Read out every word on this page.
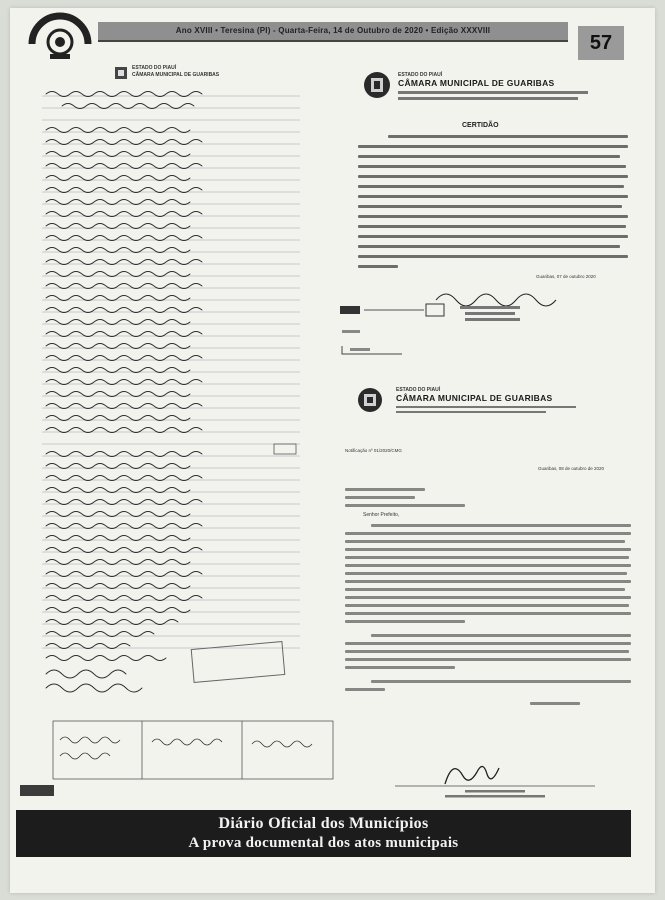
Ano XVIII • Teresina (PI) - Quarta-Feira, 14 de Outubro de 2020 • Edição XXXVIII
57
ESTADO DO PIAUÍ
CÂMARA MUNICIPAL DE GUARIBAS	ESTADO DO PIAUÍ
CÂMARA MUNICIPAL DE GUARIBAS
CERTIDÃO
Guaribas, 07 de outubro 2020
ESTADO DO PIAUÍ
CÂMARA MUNICIPAL DE GUARIBAS
Notificação nº 01/2020/CMG
Guaribas, 08 de outubro de 2020
Senhor Prefeito,
Diário Oficial dos Municípios
A prova documental dos atos municipais
